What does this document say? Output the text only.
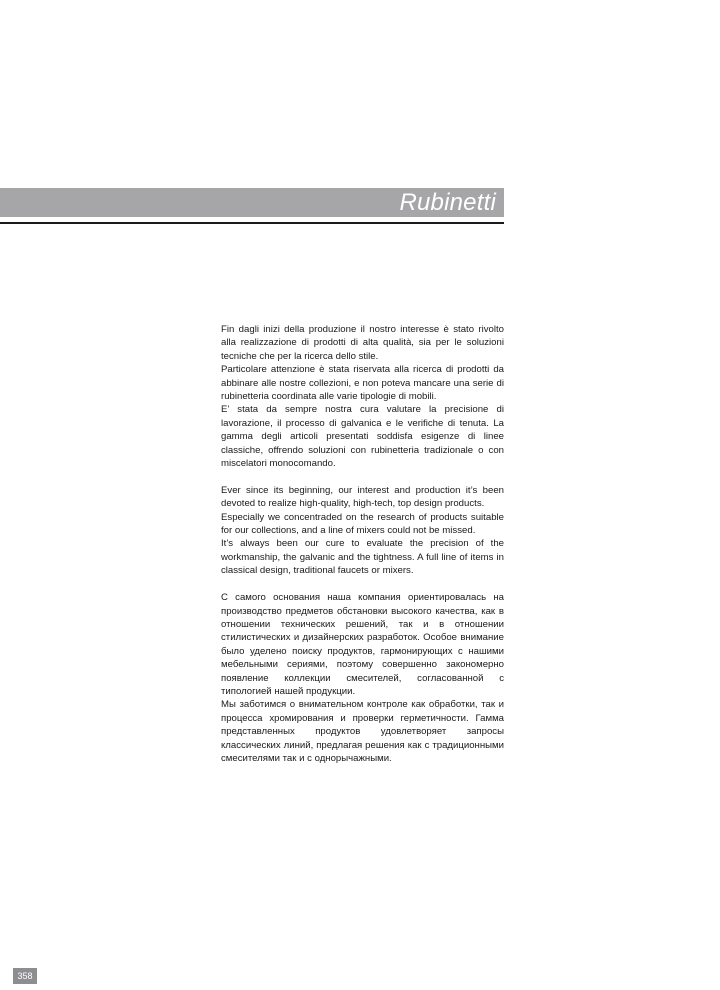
Rubinetti

Fin dagli inizi della produzione il nostro interesse è stato rivolto alla realizzazione di prodotti di alta qualità, sia per le soluzioni tecniche che per la ricerca dello stile.

Particolare attenzione è stata riservata alla ricerca di prodotti da abbinare alle nostre collezioni, e non poteva mancare una serie di rubinetteria coordinata alle varie tipologie di mobili.

E’ stata da sempre nostra cura valutare la precisione di lavorazione, il processo di galvanica e le verifiche di tenuta. La gamma degli articoli presentati soddisfa esigenze di linee classiche, offrendo soluzioni con rubinetteria tradizionale o con miscelatori monocomando.

Ever since its beginning, our interest and production it’s been devoted to realize high-quality, high-tech, top design products.

Especially we concentraded on the research of products suitable for our collections, and a line of mixers could not be missed.

It’s always been our cure to evaluate the precision of the workmanship, the galvanic and the tightness. A full line of items in classical design, traditional faucets or mixers.

С самого основания наша компания ориентировалась на производство предметов обстановки высокого качества, как в отношении технических решений, так и в отношении стилистических и дизайнерских разработок. Особое внимание было уделено поиску продуктов, гармонирующих с нашими мебельными сериями, поэтому совершенно закономерно появление коллекции смесителей, согласованной с типологией нашей продукции.

Мы заботимся о внимательном контроле как обработки, так и процесса хромирования и проверки герметичности. Гамма представленных продуктов удовлетворяет запросы классических линий, предлагая решения как с традиционными смесителями так и с однорычажными.

358
